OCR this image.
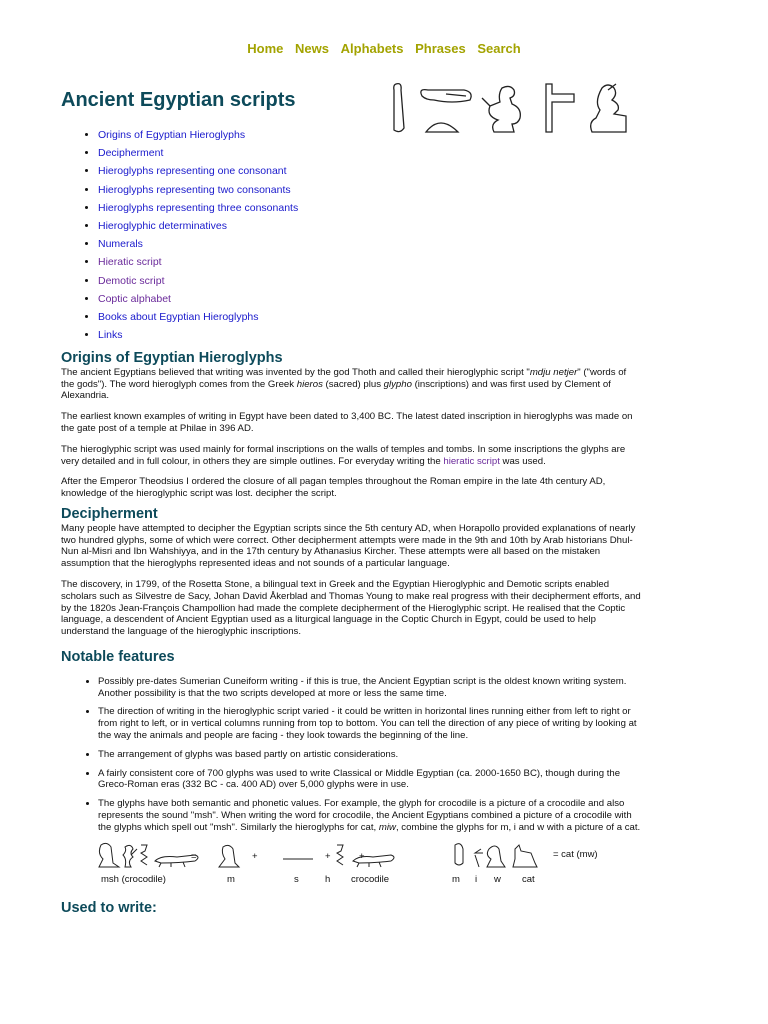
Home News Alphabets Phrases Search
Ancient Egyptian scripts
• Origins of Egyptian Hieroglyphs
• Decipherment
• Hieroglyphs representing one consonant
• Hieroglyphs representing two consonants
• Hieroglyphs representing three consonants
• Hieroglyphic determinatives
• Numerals
• Hieratic script
• Demotic script
• Coptic alphabet
• Books about Egyptian Hieroglyphs
• Links
Origins of Egyptian Hieroglyphs

The ancient Egyptians believed that writing was invented by the god Thoth and called their hieroglyphic script "mdju netjer" ("words of the gods"). The word hieroglyph comes from the Greek hieros (sacred) plus glypho (inscriptions) and was first used by Clement of Alexandria.

The earliest known examples of writing in Egypt have been dated to 3,400 BC. The latest dated inscription in hieroglyphs was made on the gate post of a temple at Philae in 396 AD.

The hieroglyphic script was used mainly for formal inscriptions on the walls of temples and tombs. In some inscriptions the glyphs are very detailed and in full colour, in others they are simple outlines. For everyday writing the hieratic script was used.

After the Emperor Theodsius I ordered the closure of all pagan temples throughout the Roman empire in the late 4th century AD, knowledge of the hieroglyphic script was lost. decipher the script.

Decipherment

Many people have attempted to decipher the Egyptian scripts since the 5th century AD, when Horapollo provided explanations of nearly two hundred glyphs, some of which were correct. Other decipherment attempts were made in the 9th and 10th by Arab historians Dhul-Nun al-Misri and Ibn Wahshiyya, and in the 17th century by Athanasius Kircher. These attempts were all based on the mistaken assumption that the hieroglyphs represented ideas and not sounds of a particular language.

The discovery, in 1799, of the Rosetta Stone, a bilingual text in Greek and the Egyptian Hieroglyphic and Demotic scripts enabled scholars such as Silvestre de Sacy, Johan David Åkerblad and Thomas Young to make real progress with their decipherment efforts, and by the 1820s Jean-François Champollion had made the complete decipherment of the Hieroglyphic script. He realised that the Coptic language, a descendent of Ancient Egyptian used as a liturgical language in the Coptic Church in Egypt, could be used to help understand the language of the hieroglyphic inscriptions.

Notable features
• Possibly pre-dates Sumerian Cuneiform writing - if this is true, the Ancient Egyptian script is the oldest known writing system. Another possibility is that the two scripts developed at more or less the same time.
• The direction of writing in the hieroglyphic script varied - it could be written in horizontal lines running either from left to right or from right to left, or in vertical columns running from top to bottom. You can tell the direction of any piece of writing by looking at the way the animals and people are facing - they look towards the beginning of the line.
• The arrangement of glyphs was based partly on artistic considerations.
• A fairly consistent core of 700 glyphs was used to write Classical or Middle Egyptian (ca. 2000-1650 BC), though during the Greco-Roman eras (332 BC - ca. 400 AD) over 5,000 glyphs were in use.
• The glyphs have both semantic and phonetic values. For example, the glyph for crocodile is a picture of a crocodile and also represents the sound "msh". When writing the word for crocodile, the Ancient Egyptians combined a picture of a crocodile with the glyphs which spell out "msh". Similarly the hieroglyphs for cat, miw, combine the glyphs for m, i and w with a picture of a cat.
=	+	+	+	= cat (mw)
msh (crocodile)	m	s	h crocodile	m i w cat
Used to write:
